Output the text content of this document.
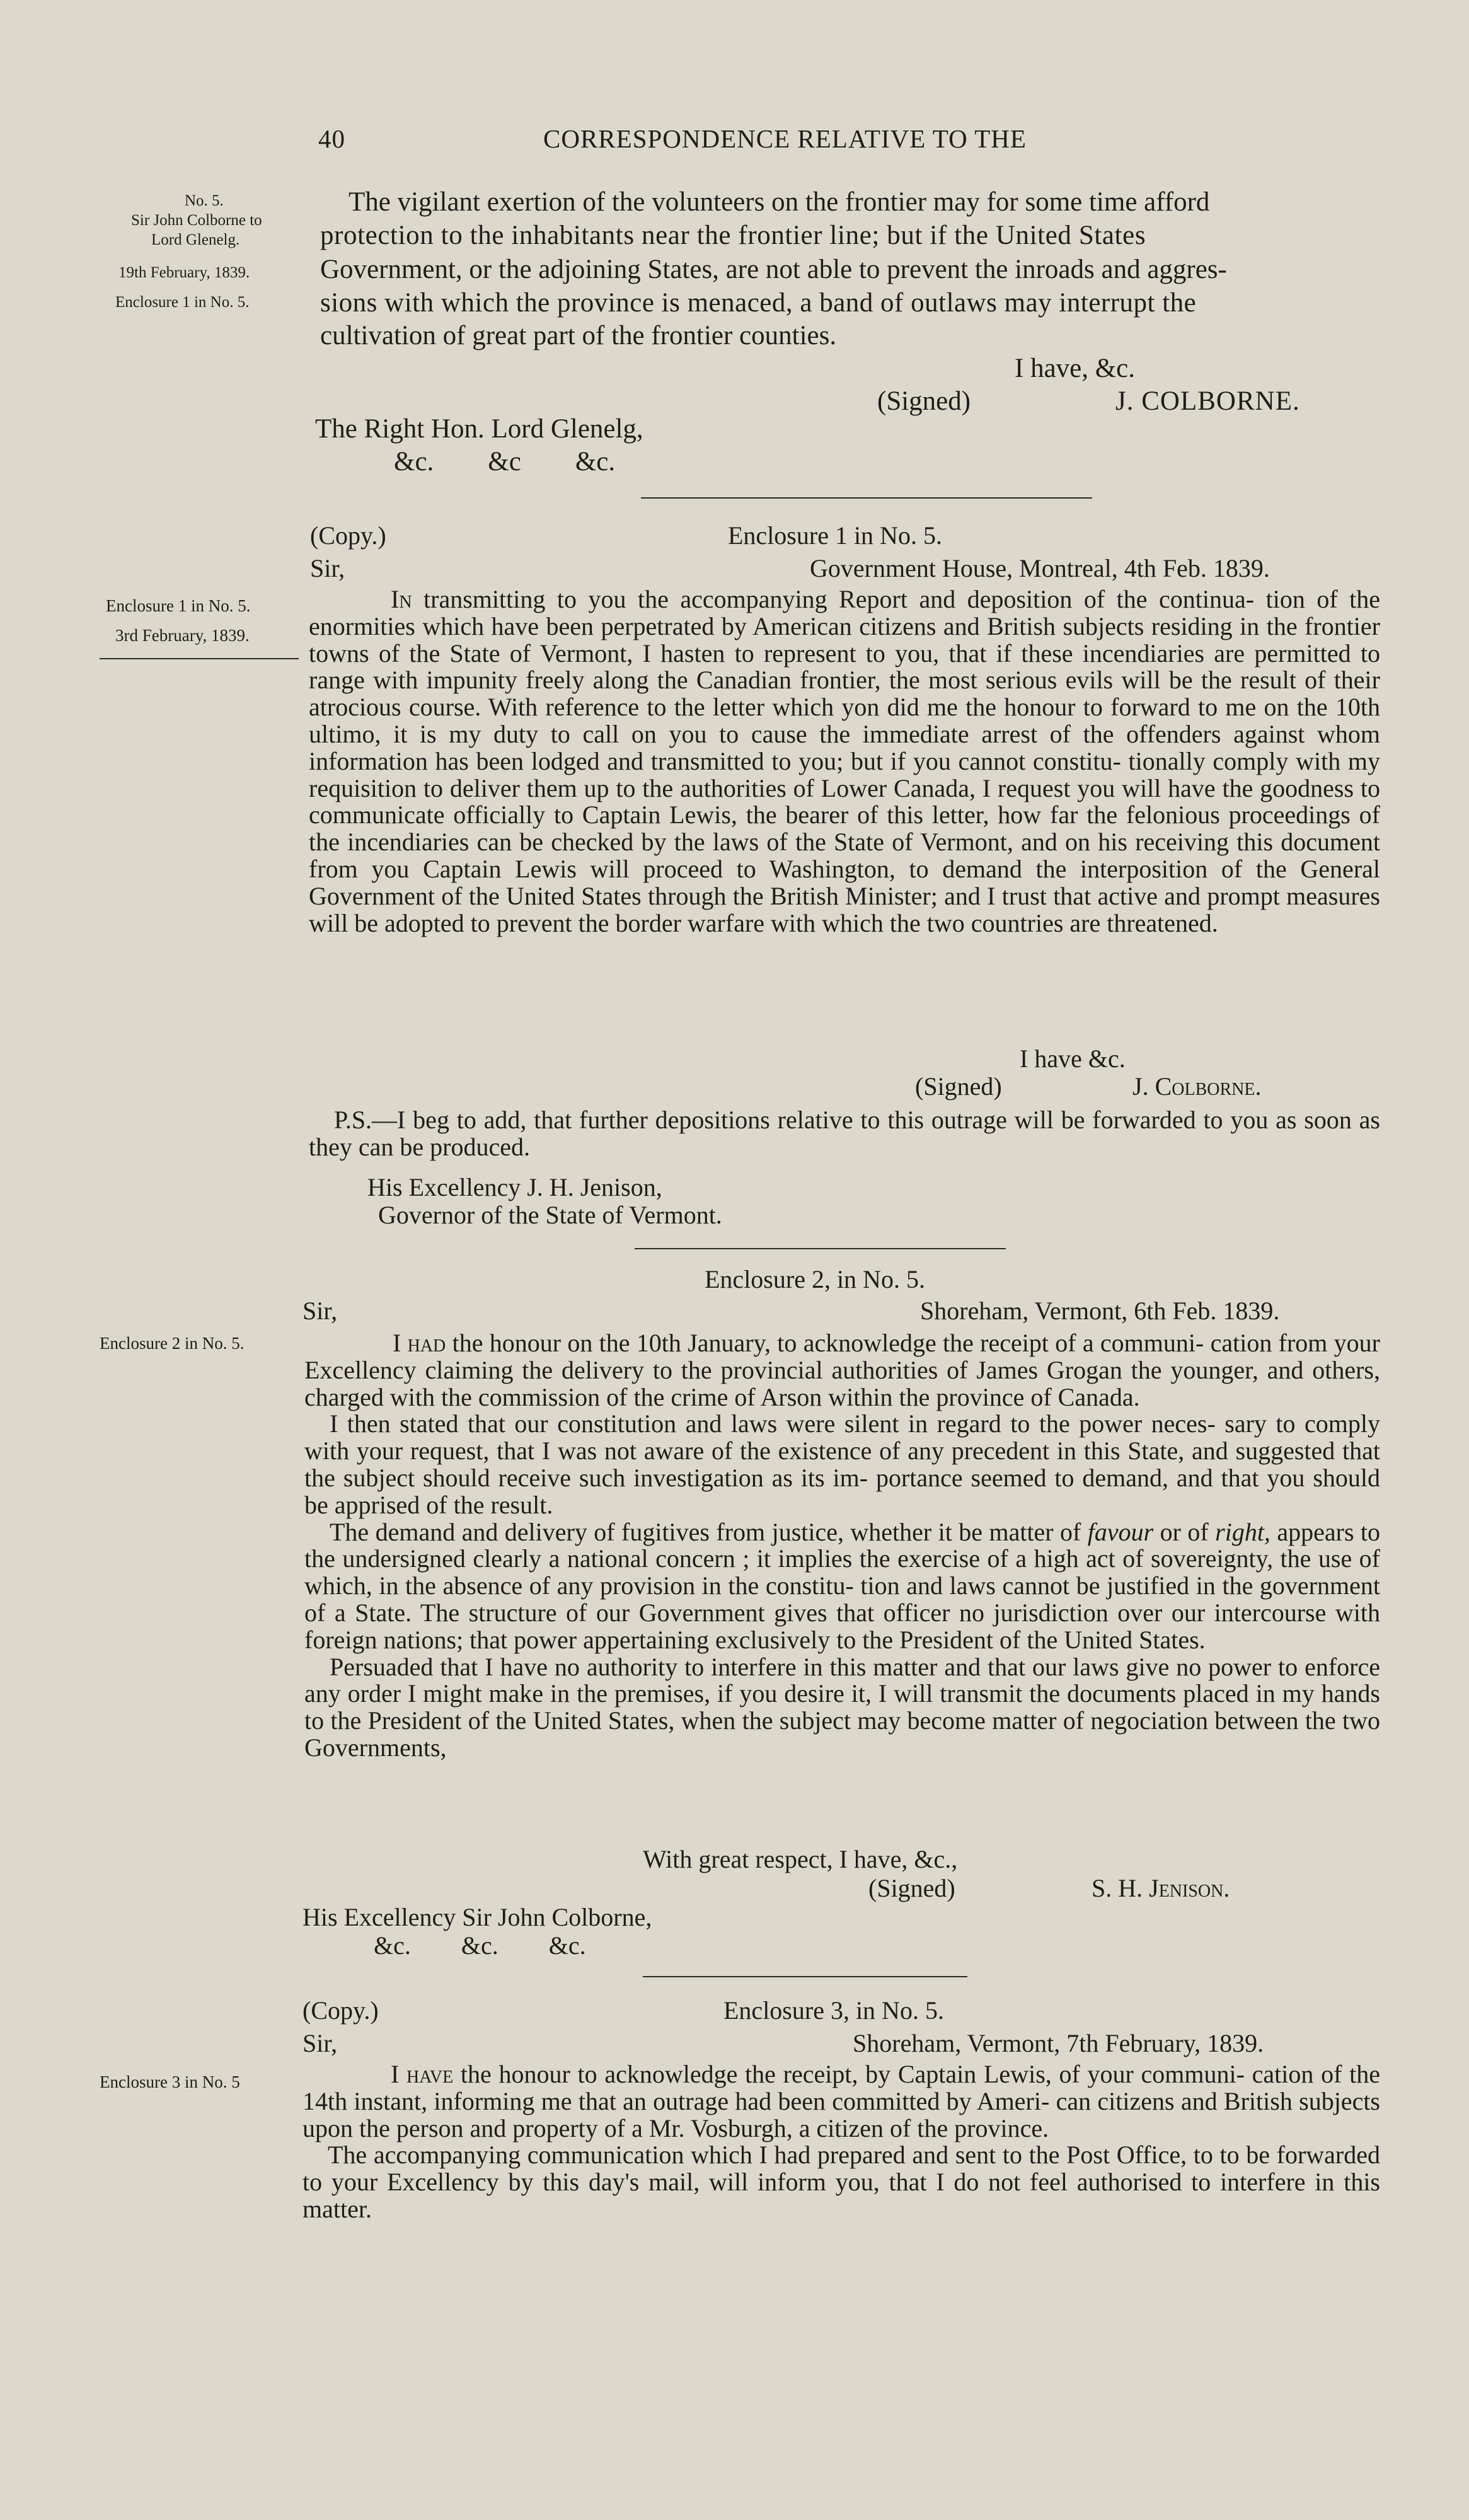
40	CORRESPONDENCE RELATIVE TO THE
No. 5.
Sir John Colborne to
Lord Glenelg.
19th February, 1839.
Enclosure 1 in No. 5.
The vigilant exertion of the volunteers on the frontier may for some time afford
protection to the inhabitants near the frontier line; but if the United States
Government, or the adjoining States, are not able to prevent the inroads and aggres-
sions with which the province is menaced, a band of outlaws may interrupt the
cultivation of great part of the frontier counties.
I have, &c.
(Signed)	J. COLBORNE.
The Right Hon. Lord Glenelg,
&c.        &c        &c.
(Copy.)	Enclosure 1 in No. 5.
Sir,	Government House, Montreal, 4th Feb. 1839.
Enclosure 1 in No. 5.
3rd February, 1839.
In transmitting to you the accompanying Report and deposition of the continua- tion of the enormities which have been perpetrated by American citizens and British subjects residing in the frontier towns of the State of Vermont, I hasten to represent to you, that if these incendiaries are permitted to range with impunity freely along the Canadian frontier, the most serious evils will be the result of their atrocious course. With reference to the letter which yon did me the honour to forward to me on the 10th ultimo, it is my duty to call on you to cause the immediate arrest of the offenders against whom information has been lodged and transmitted to you; but if you cannot constitu- tionally comply with my requisition to deliver them up to the authorities of Lower Canada, I request you will have the goodness to communicate officially to Captain Lewis, the bearer of this letter, how far the felonious proceedings of the incendiaries can be checked by the laws of the State of Vermont, and on his receiving this document from you Captain Lewis will proceed to Washington, to demand the interposition of the General Government of the United States through the British Minister; and I trust that active and prompt measures will be adopted to prevent the border warfare with which the two countries are threatened.
I have &c.
(Signed)	J. Colborne.
P.S.—I beg to add, that further depositions relative to this outrage will be forwarded to you as soon as they can be produced.
His Excellency J. H. Jenison,
Governor of the State of Vermont.
Enclosure 2, in No. 5.
Sir,	Shoreham, Vermont, 6th Feb. 1839.
Enclosure 2 in No. 5.	I had the honour on the 10th January, to acknowledge the receipt of a communi- cation from your Excellency claiming the delivery to the provincial authorities of James Grogan the younger, and others, charged with the commission of the crime of Arson within the province of Canada.

I then stated that our constitution and laws were silent in regard to the power neces- sary to comply with your request, that I was not aware of the existence of any precedent in this State, and suggested that the subject should receive such investigation as its im- portance seemed to demand, and that you should be apprised of the result.

The demand and delivery of fugitives from justice, whether it be matter of favour or of right, appears to the undersigned clearly a national concern ; it implies the exercise of a high act of sovereignty, the use of which, in the absence of any provision in the constitu- tion and laws cannot be justified in the government of a State. The structure of our Government gives that officer no jurisdiction over our intercourse with foreign nations; that power appertaining exclusively to the President of the United States.

Persuaded that I have no authority to interfere in this matter and that our laws give no power to enforce any order I might make in the premises, if you desire it, I will transmit the documents placed in my hands to the President of the United States, when the subject may become matter of negociation between the two Governments,

With great respect, I have, &c.,
(Signed)	S. H. Jenison.
His Excellency Sir John Colborne,
&c.        &c.        &c.
(Copy.)	Enclosure 3, in No. 5.
Sir,	Shoreham, Vermont, 7th February, 1839.
Enclosure 3 in No. 5	I have the honour to acknowledge the receipt, by Captain Lewis, of your communi- cation of the 14th instant, informing me that an outrage had been committed by Ameri- can citizens and British subjects upon the person and property of a Mr. Vosburgh, a citizen of the province.

The accompanying communication which I had prepared and sent to the Post Office, to to be forwarded to your Excellency by this day's mail, will inform you, that I do not feel authorised to interfere in this matter.
